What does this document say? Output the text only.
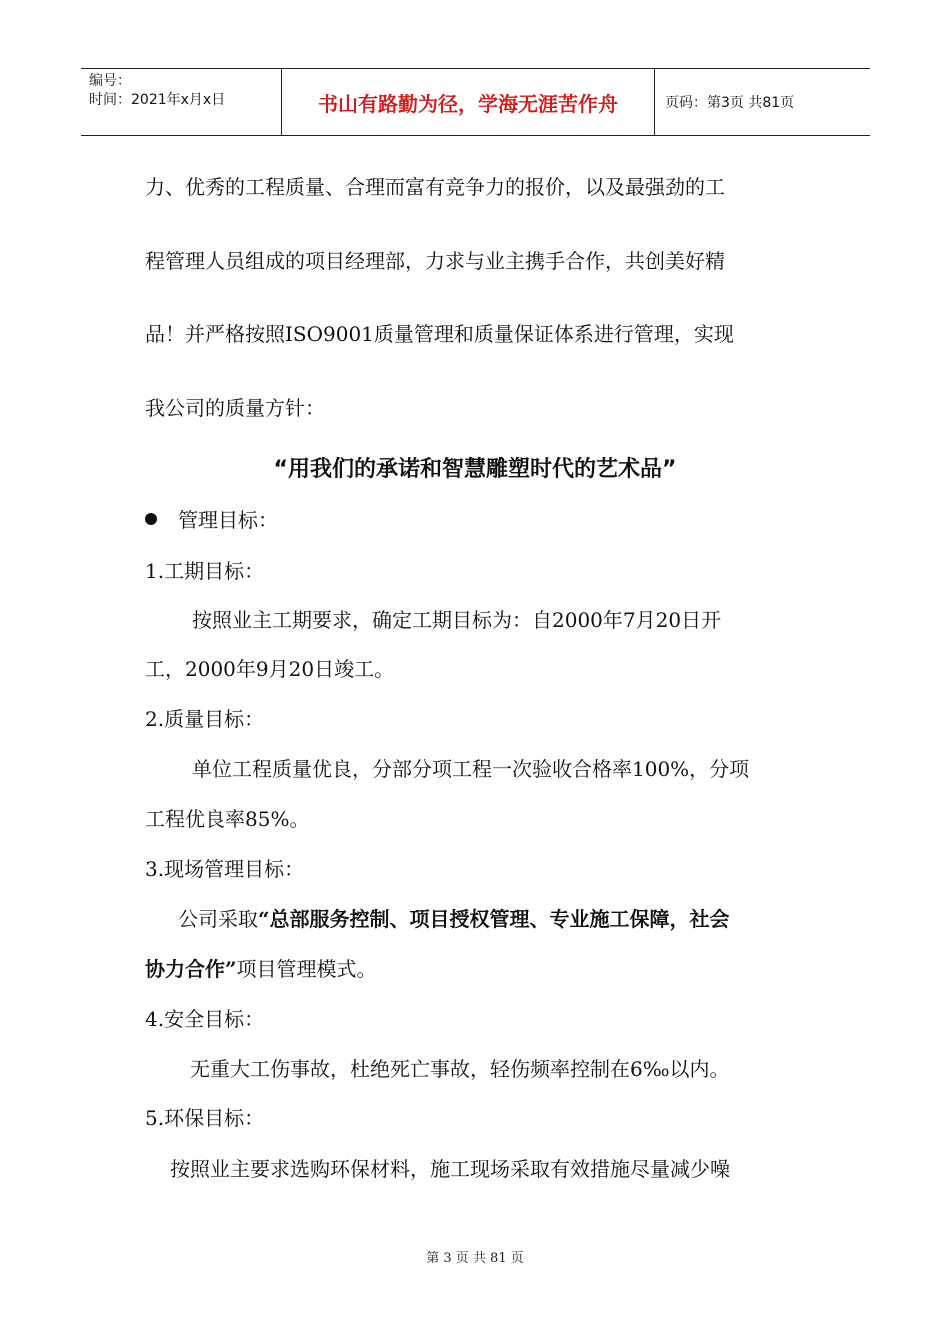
编号：
时间：2021年x月x日	书山有路勤为径，学海无涯苦作舟	页码：第3页 共81页
力、优秀的工程质量、合理而富有竞争力的报价，以及最强劲的工
程管理人员组成的项目经理部，力求与业主携手合作，共创美好精
品！并严格按照ISO9001质量管理和质量保证体系进行管理，实现
我公司的质量方针：
“用我们的承诺和智慧雕塑时代的艺术品”
管理目标：
1.工期目标：
按照业主工期要求，确定工期目标为：自2000年7月20日开
工，2000年9月20日竣工。
2.质量目标：
单位工程质量优良，分部分项工程一次验收合格率100%，分项
工程优良率85%。
3.现场管理目标：
公司采取“总部服务控制、项目授权管理、专业施工保障，社会
协力合作”项目管理模式。
4.安全目标：
无重大工伤事故，杜绝死亡事故，轻伤频率控制在6‰以内。
5.环保目标：
按照业主要求选购环保材料，施工现场采取有效措施尽量减少噪
第 3 页 共 81 页
